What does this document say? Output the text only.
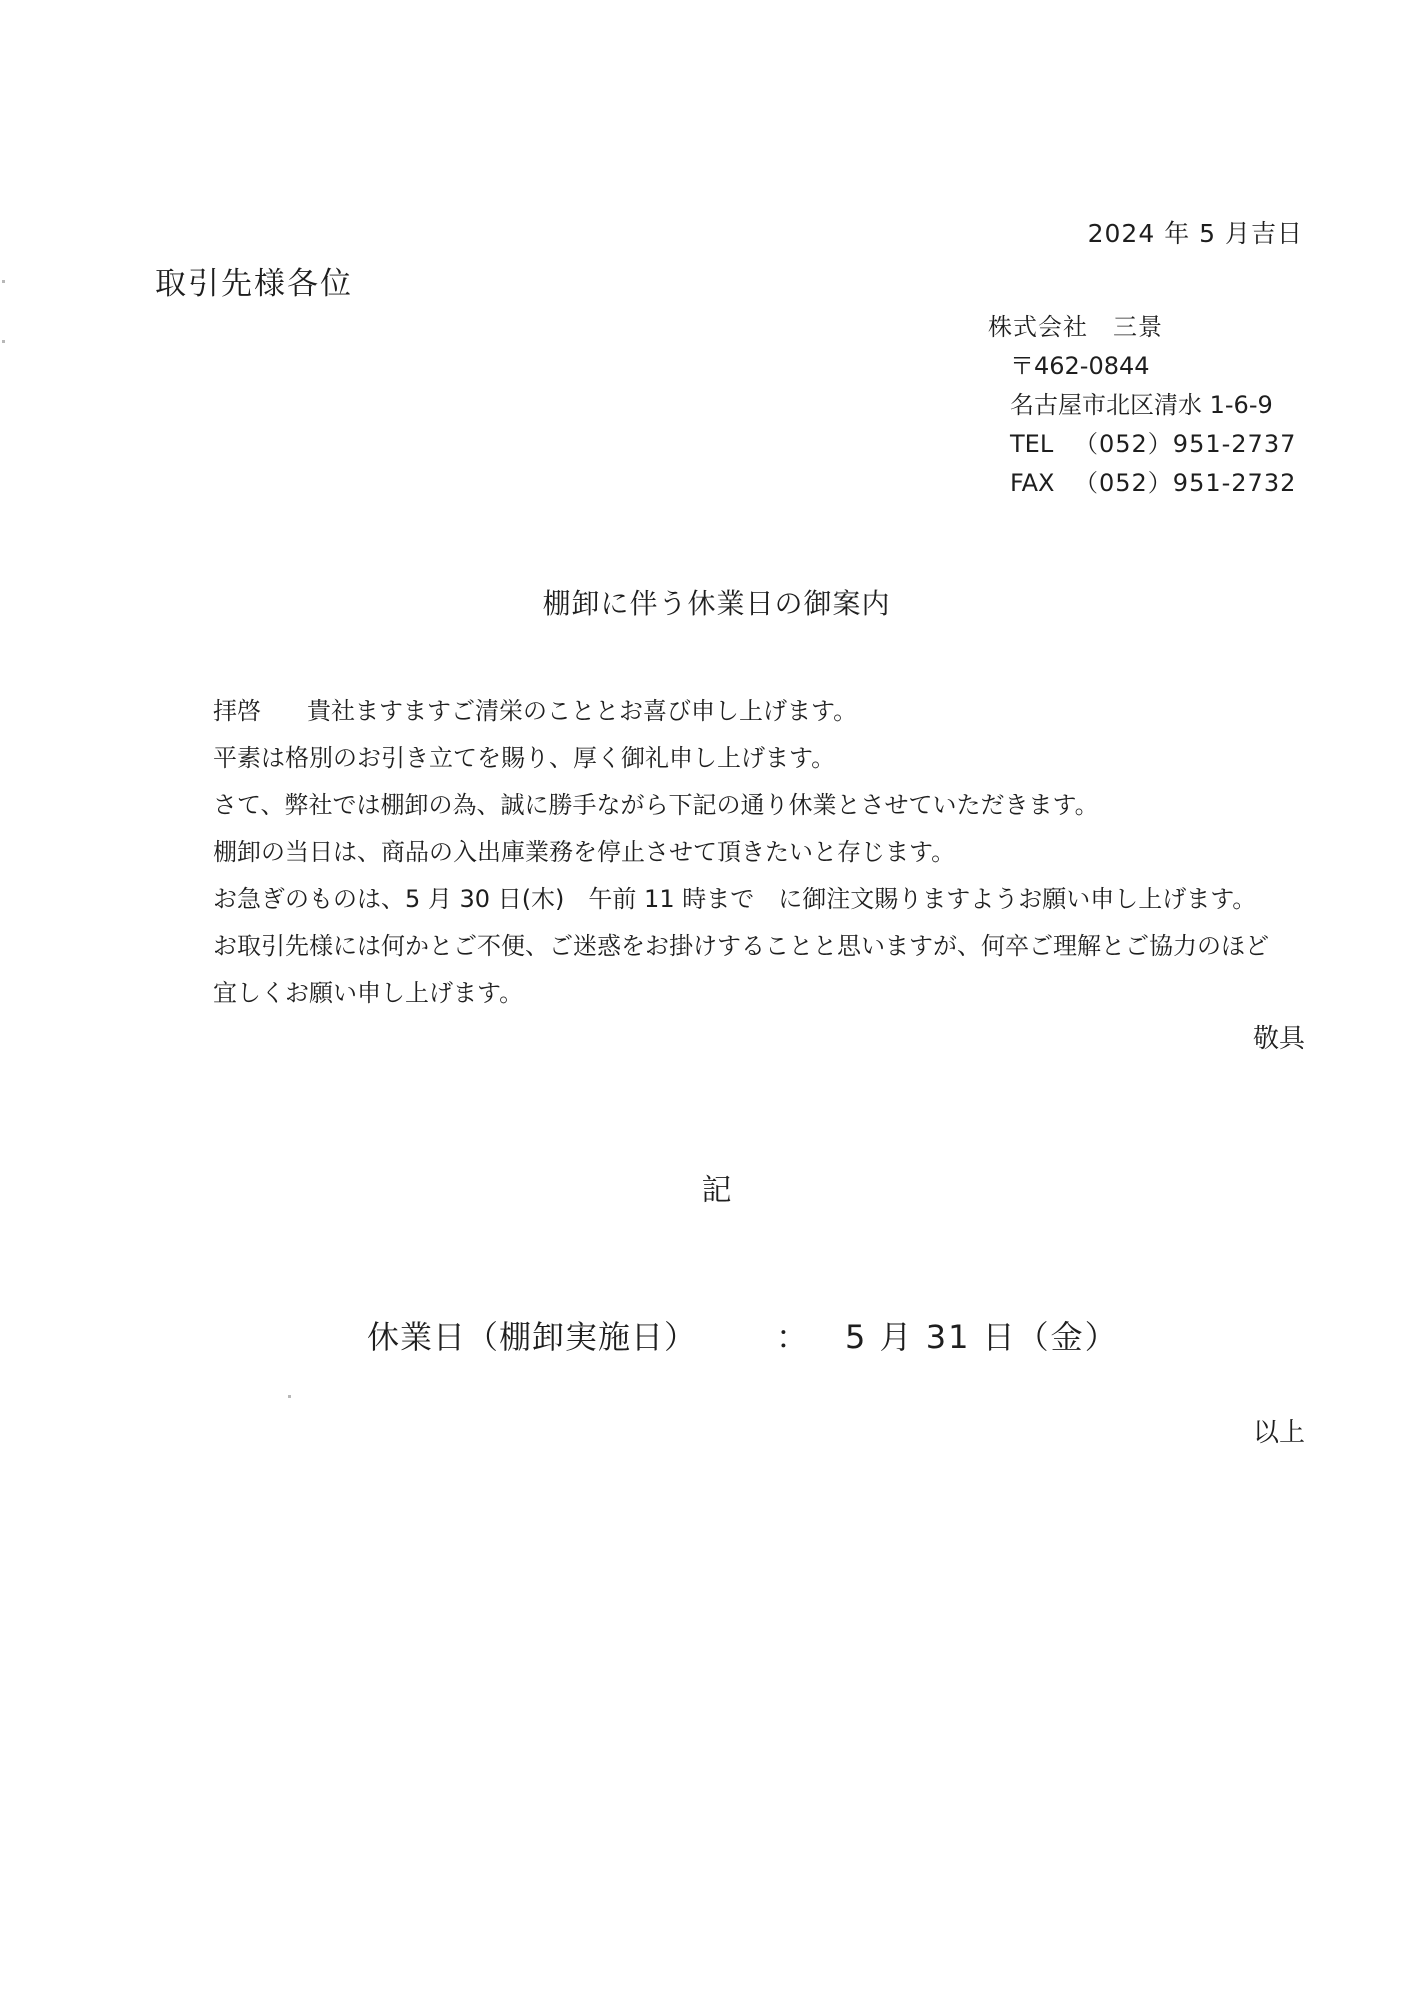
2024 年 5 月吉日
取引先様各位
株式会社　三景
〒462-0844
名古屋市北区清水 1-6-9
TEL （052）951-2737
FAX （052）951-2732
棚卸に伴う休業日の御案内

拝啓 貴社ますますご清栄のこととお喜び申し上げます。

平素は格別のお引き立てを賜り、厚く御礼申し上げます。

さて、弊社では棚卸の為、誠に勝手ながら下記の通り休業とさせていただきます。

棚卸の当日は、商品の入出庫業務を停止させて頂きたいと存じます。

お急ぎのものは、5 月 30 日(木)　午前 11 時まで　に御注文賜りますようお願い申し上げます。

お取引先様には何かとご不便、ご迷惑をお掛けすることと思いますが、何卒ご理解とご協力のほど

宜しくお願い申し上げます。

敬具
記
休業日（棚卸実施日） ： 5 月 31 日（金）
以上
